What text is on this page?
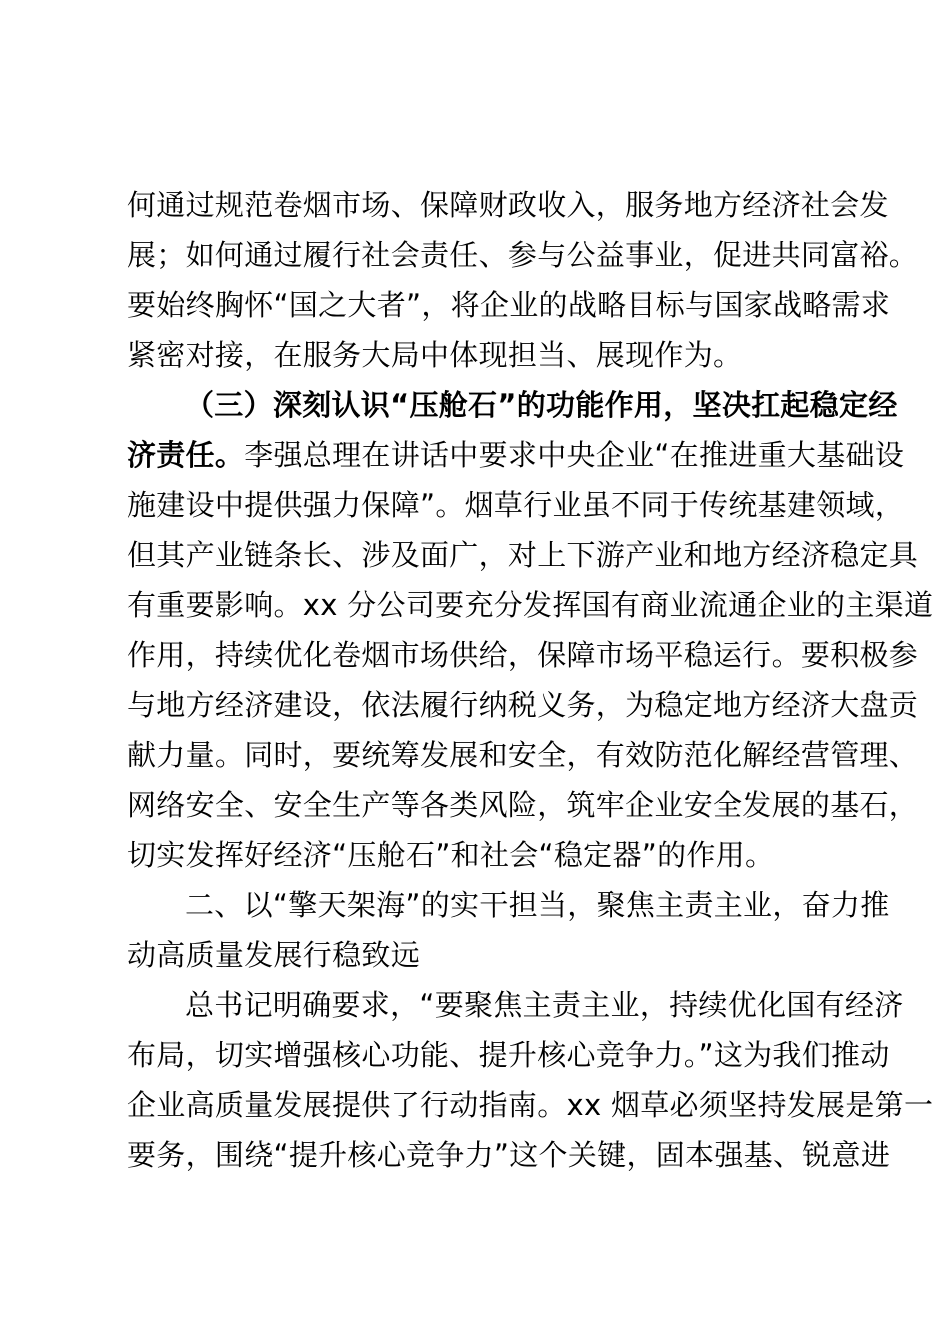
何通过规范卷烟市场、保障财政收入，服务地方经济社会发
展；如何通过履行社会责任、参与公益事业，促进共同富裕。
要始终胸怀“国之大者”，将企业的战略目标与国家战略需求
紧密对接，在服务大局中体现担当、展现作为。
（三）深刻认识“压舱石”的功能作用，坚决扛起稳定经
济责任。李强总理在讲话中要求中央企业“在推进重大基础设
施建设中提供强力保障”。烟草行业虽不同于传统基建领域，
但其产业链条长、涉及面广，对上下游产业和地方经济稳定具
有重要影响。xx 分公司要充分发挥国有商业流通企业的主渠道
作用，持续优化卷烟市场供给，保障市场平稳运行。要积极参
与地方经济建设，依法履行纳税义务，为稳定地方经济大盘贡
献力量。同时，要统筹发展和安全，有效防范化解经营管理、
网络安全、安全生产等各类风险，筑牢企业安全发展的基石，
切实发挥好经济“压舱石”和社会“稳定器”的作用。
二、以“擎天架海”的实干担当，聚焦主责主业，奋力推
动高质量发展行稳致远
总书记明确要求，“要聚焦主责主业，持续优化国有经济
布局，切实增强核心功能、提升核心竞争力。”这为我们推动
企业高质量发展提供了行动指南。xx 烟草必须坚持发展是第一
要务，围绕“提升核心竞争力”这个关键，固本强基、锐意进
